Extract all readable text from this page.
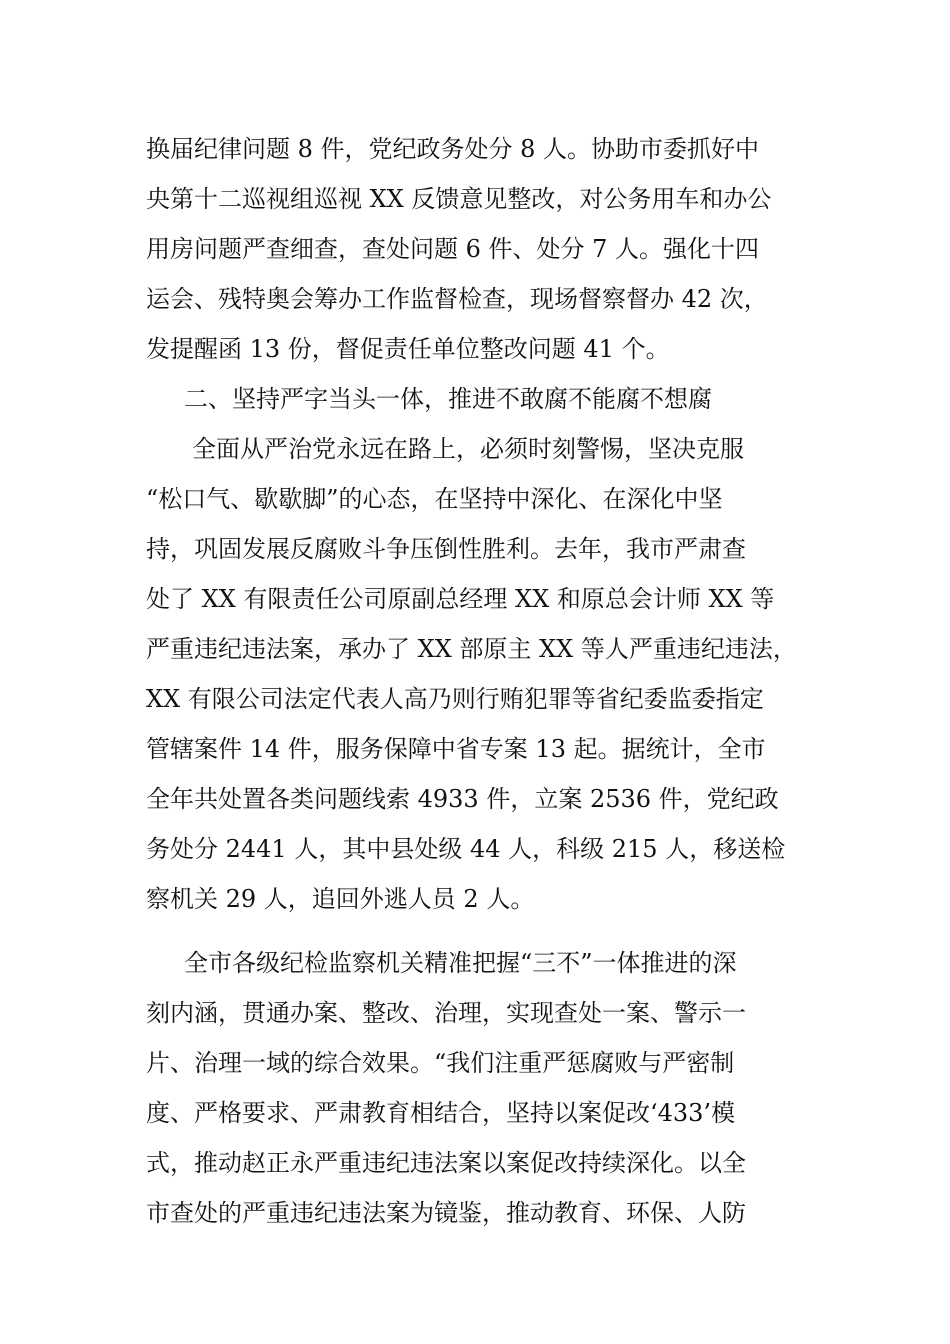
换届纪律问题 8 件，党纪政务处分 8 人。协助市委抓好中
央第十二巡视组巡视 XX 反馈意见整改，对公务用车和办公
用房问题严查细查，查处问题 6 件、处分 7 人。强化十四
运会、残特奥会筹办工作监督检查，现场督察督办 42 次，
发提醒函 13 份，督促责任单位整改问题 41 个。
二、坚持严字当头一体，推进不敢腐不能腐不想腐
全面从严治党永远在路上，必须时刻警惕，坚决克服
“松口气、歇歇脚”的心态，在坚持中深化、在深化中坚
持，巩固发展反腐败斗争压倒性胜利。去年，我市严肃查
处了 XX 有限责任公司原副总经理 XX 和原总会计师 XX 等
严重违纪违法案，承办了 XX 部原主 XX 等人严重违纪违法，
XX 有限公司法定代表人高乃则行贿犯罪等省纪委监委指定
管辖案件 14 件，服务保障中省专案 13 起。据统计，全市
全年共处置各类问题线索 4933 件，立案 2536 件，党纪政
务处分 2441 人，其中县处级 44 人，科级 215 人，移送检
察机关 29 人，追回外逃人员 2 人。
全市各级纪检监察机关精准把握“三不”一体推进的深
刻内涵，贯通办案、整改、治理，实现查处一案、警示一
片、治理一域的综合效果。“我们注重严惩腐败与严密制
度、严格要求、严肃教育相结合，坚持以案促改‘433’模
式，推动赵正永严重违纪违法案以案促改持续深化。以全
市查处的严重违纪违法案为镜鉴，推动教育、环保、人防
